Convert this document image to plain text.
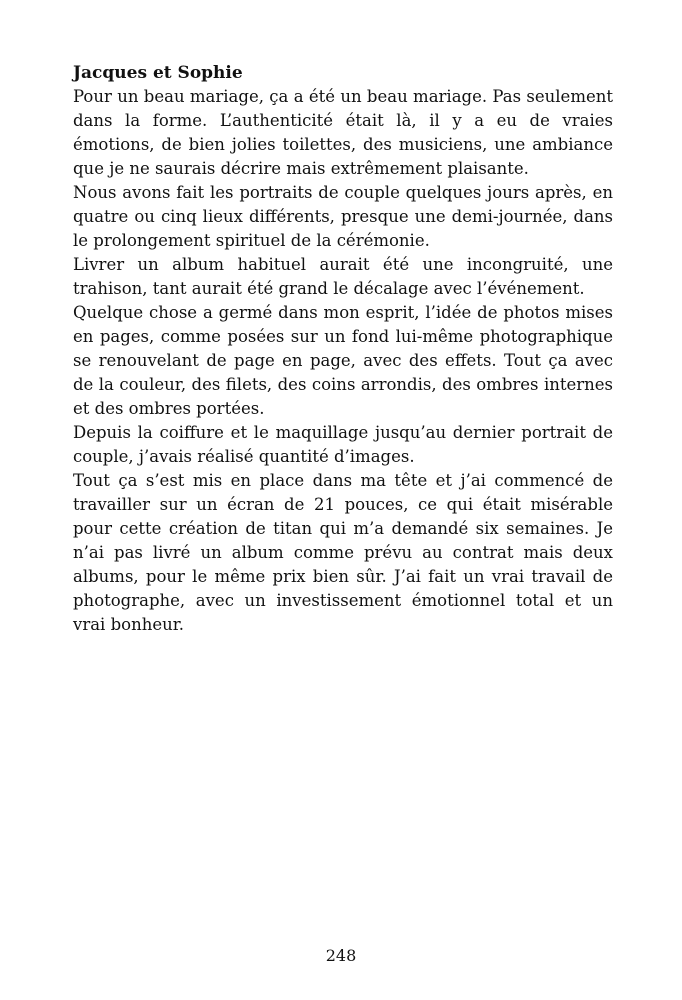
Jacques et Sophie

Pour un beau mariage, ça a été un beau mariage. Pas seulement dans la forme. L’authenticité était là, il y a eu de vraies émotions, de bien jolies toilettes, des musiciens, une ambiance que je ne saurais décrire mais extrêmement plaisante.

Nous avons fait les portraits de couple quelques jours après, en quatre ou cinq lieux différents, presque une demi-journée, dans le prolongement spirituel de la cérémonie.

Livrer un album habituel aurait été une incongruité, une trahison, tant aurait été grand le décalage avec l’événement.

Quelque chose a germé dans mon esprit, l’idée de photos mises en pages, comme posées sur un fond lui-même photographique se renouvelant de page en page, avec des effets. Tout ça avec de la couleur, des filets, des coins arrondis, des ombres internes et des ombres portées.

Depuis la coiffure et le maquillage jusqu’au dernier portrait de couple, j’avais réalisé quantité d’images.

Tout ça s’est mis en place dans ma tête et j’ai commencé de travailler sur un écran de 21 pouces, ce qui était misérable pour cette création de titan qui m’a demandé six semaines. Je n’ai pas livré un album comme prévu au contrat mais deux albums, pour le même prix bien sûr. J’ai fait un vrai travail de photographe, avec un investissement émotionnel total et un vrai bonheur.

248
